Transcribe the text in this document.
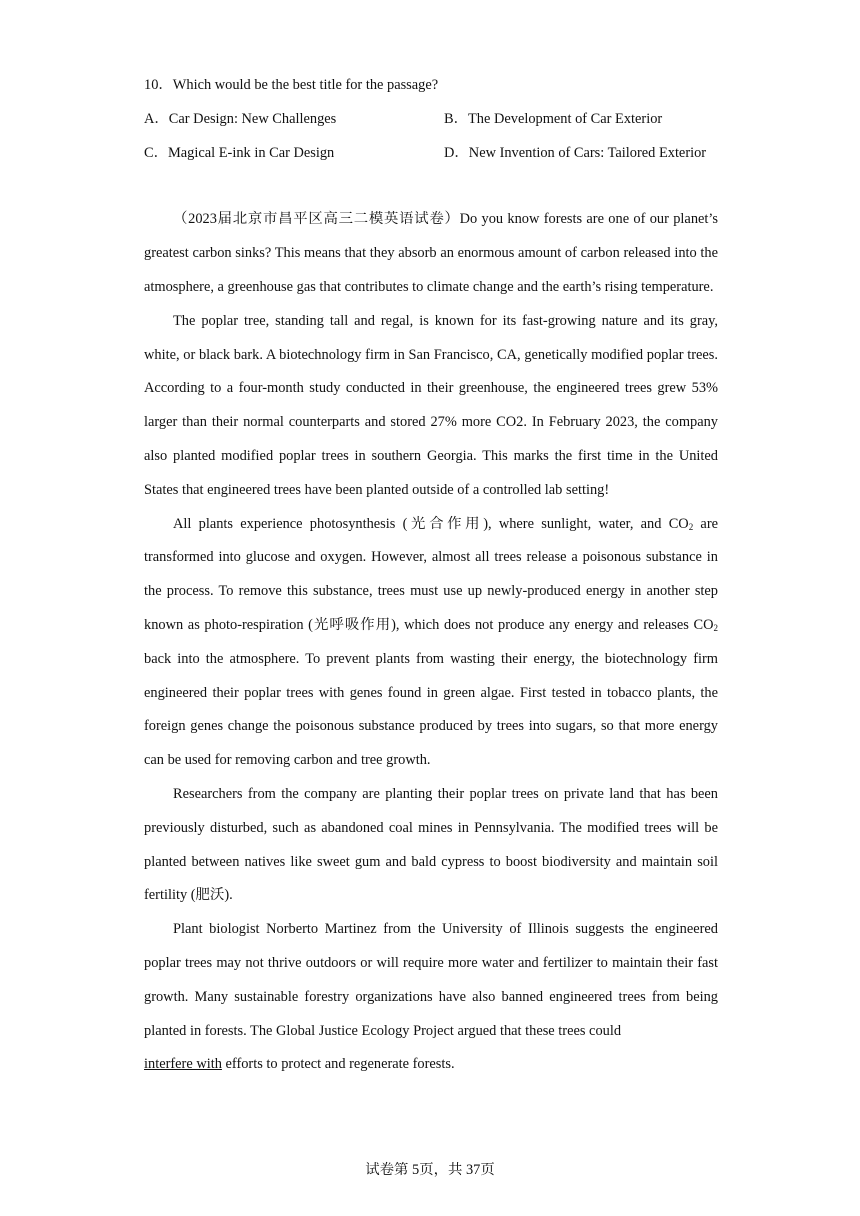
10．Which would be the best title for the passage?
A．Car Design: New Challenges	B．The Development of Car Exterior
C．Magical E-ink in Car Design	D．New Invention of Cars: Tailored Exterior

（2023届北京市昌平区高三二模英语试卷）Do you know forests are one of our planet’s greatest carbon sinks? This means that they absorb an enormous amount of carbon released into the atmosphere, a greenhouse gas that contributes to climate change and the earth’s rising temperature.

The poplar tree, standing tall and regal, is known for its fast-growing nature and its gray, white, or black bark. A biotechnology firm in San Francisco, CA, genetically modified poplar trees. According to a four-month study conducted in their greenhouse, the engineered trees grew 53% larger than their normal counterparts and stored 27% more CO2. In February 2023, the company also planted modified poplar trees in southern Georgia. This marks the first time in the United States that engineered trees have been planted outside of a controlled lab setting!

All plants experience photosynthesis (光合作用), where sunlight, water, and $CO_2$ are transformed into glucose and oxygen. However, almost all trees release a poisonous substance in the process. To remove this substance, trees must use up newly-produced energy in another step known as photo-respiration (光呼吸作用), which does not produce any energy and releases $CO_2$ back into the atmosphere. To prevent plants from wasting their energy, the biotechnology firm engineered their poplar trees with genes found in green algae. First tested in tobacco plants, the foreign genes change the poisonous substance produced by trees into sugars, so that more energy can be used for removing carbon and tree growth.

Researchers from the company are planting their poplar trees on private land that has been previously disturbed, such as abandoned coal mines in Pennsylvania. The modified trees will be planted between natives like sweet gum and bald cypress to boost biodiversity and maintain soil fertility (肥沃).

Plant biologist Norberto Martinez from the University of Illinois suggests the engineered poplar trees may not thrive outdoors or will require more water and fertilizer to maintain their fast growth. Many sustainable forestry organizations have also banned engineered trees from being planted in forests. The Global Justice Ecology Project argued that these trees could

interfere with efforts to protect and regenerate forests.
试卷第 5页，共 37页
